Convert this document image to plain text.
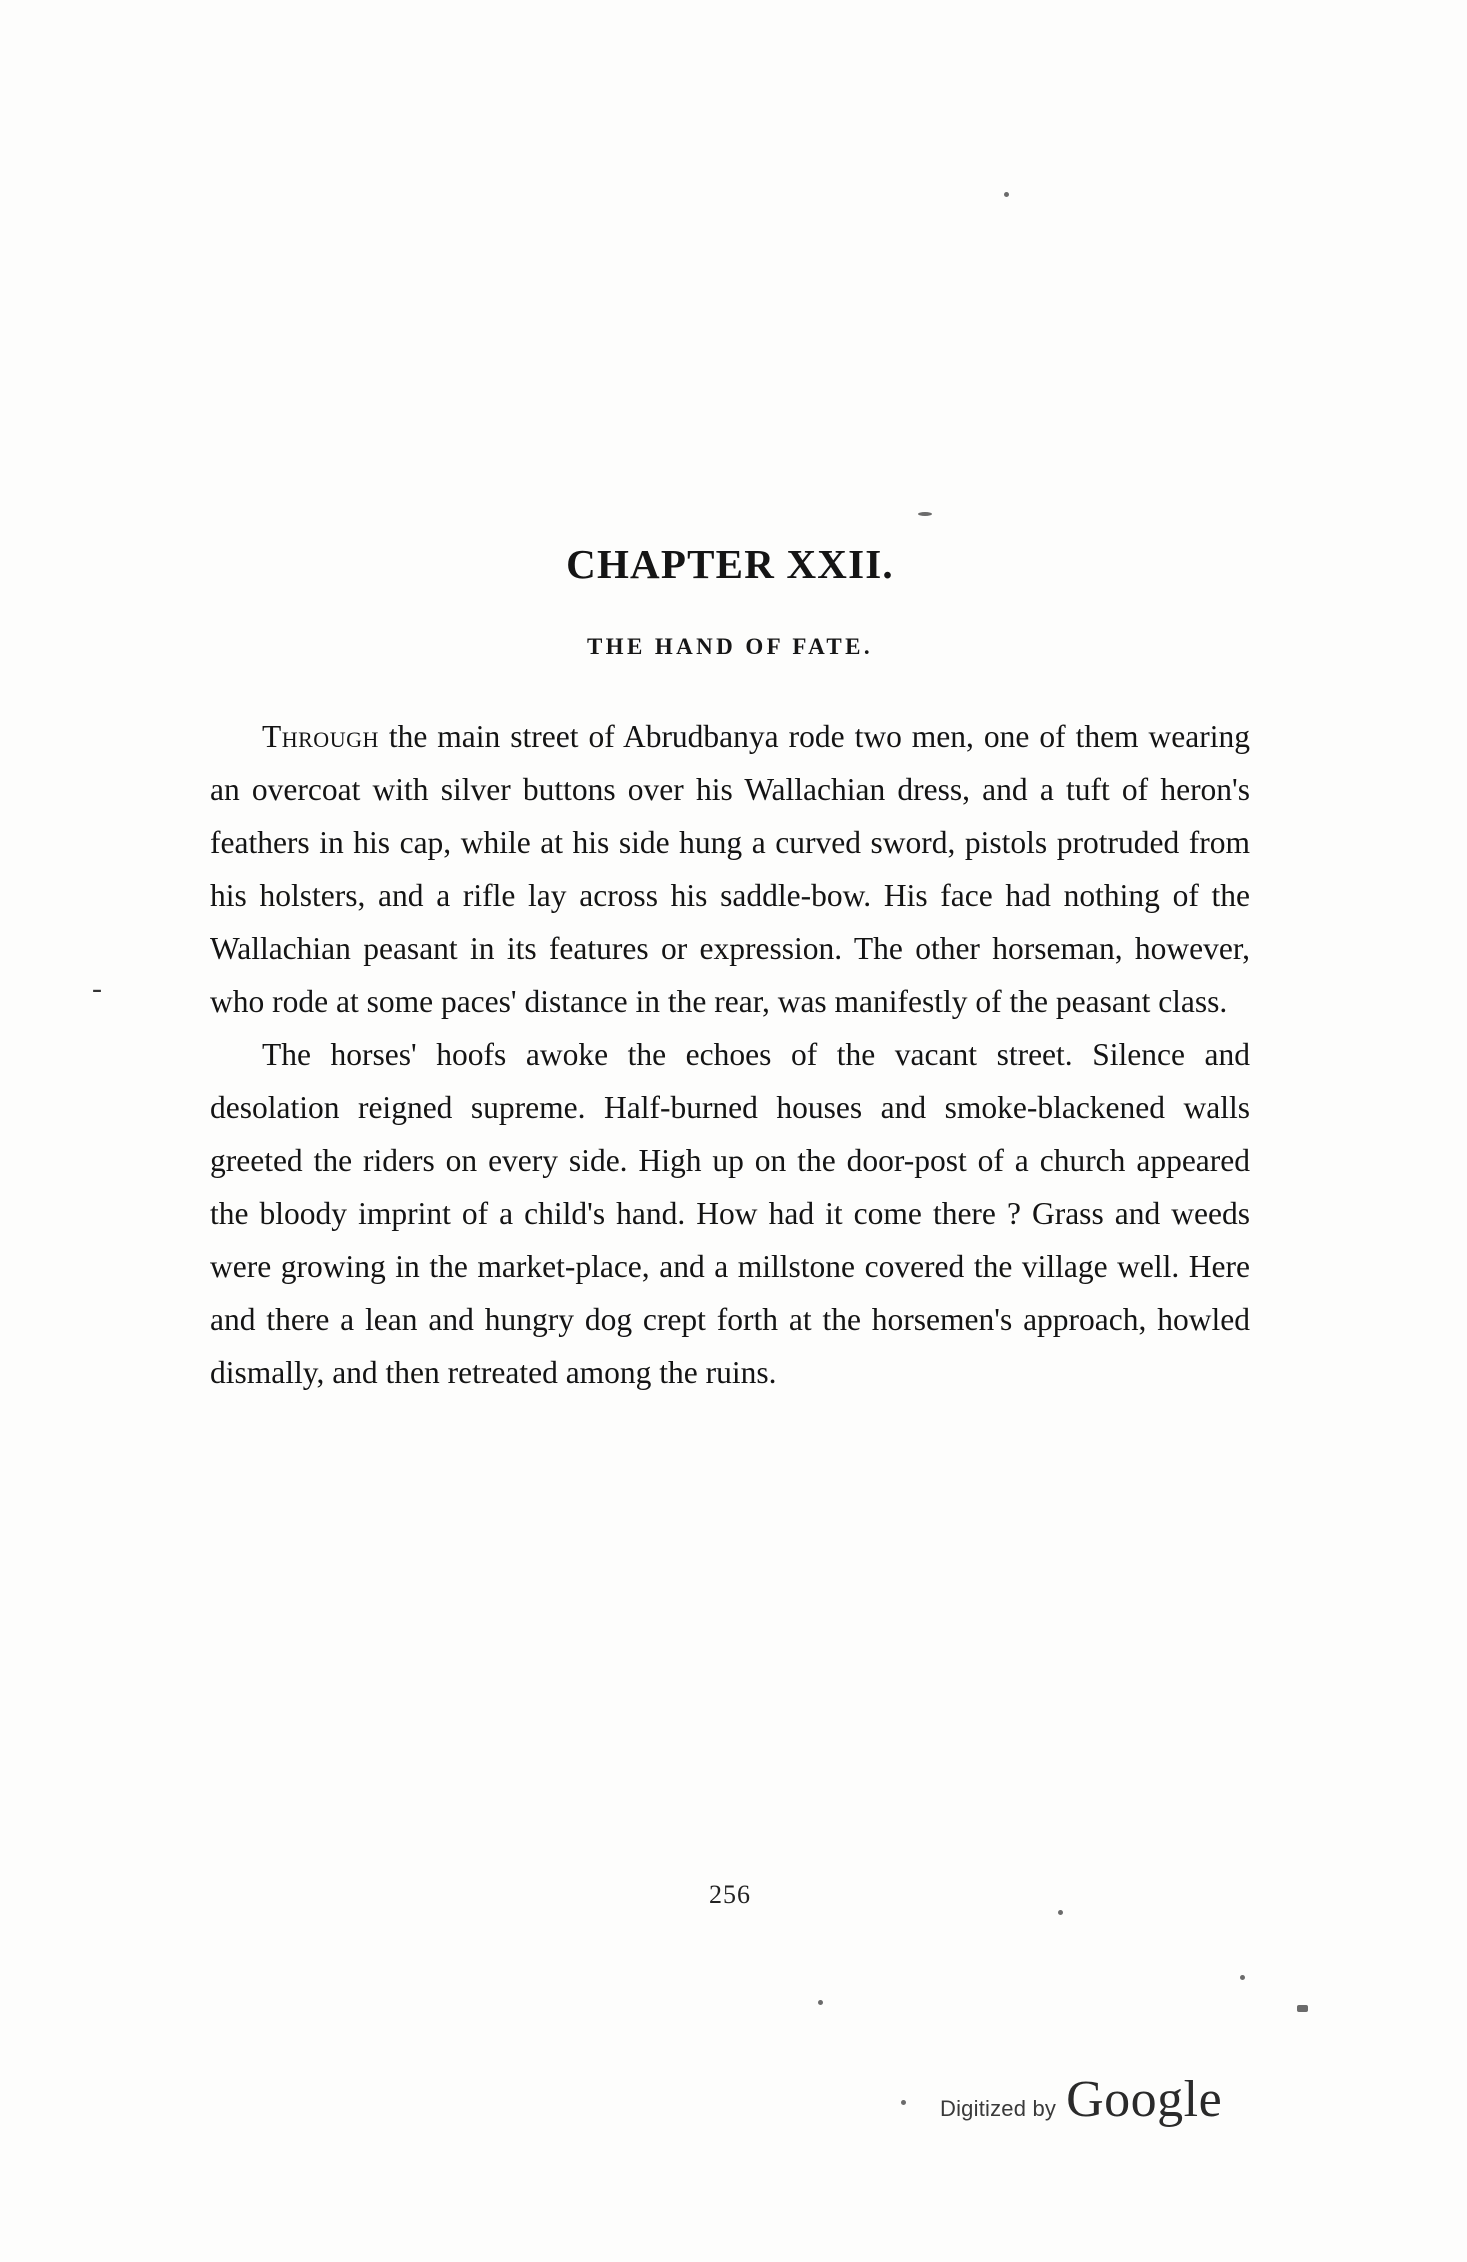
-
CHAPTER XXII.
THE HAND OF FATE.

Through the main street of Abrudbanya rode two men, one of them wearing an overcoat with silver buttons over his Wallachian dress, and a tuft of heron's feathers in his cap, while at his side hung a curved sword, pistols protruded from his holsters, and a rifle lay across his saddle-bow. His face had nothing of the Wallachian peasant in its features or expression. The other horseman, however, who rode at some paces' distance in the rear, was manifestly of the peasant class.

The horses' hoofs awoke the echoes of the vacant street. Silence and desolation reigned supreme. Half-burned houses and smoke-blackened walls greeted the riders on every side. High up on the door-post of a church appeared the bloody imprint of a child's hand. How had it come there ? Grass and weeds were growing in the market-place, and a millstone covered the village well. Here and there a lean and hungry dog crept forth at the horsemen's approach, howled dismally, and then retreated among the ruins.

256
Digitized by Google
